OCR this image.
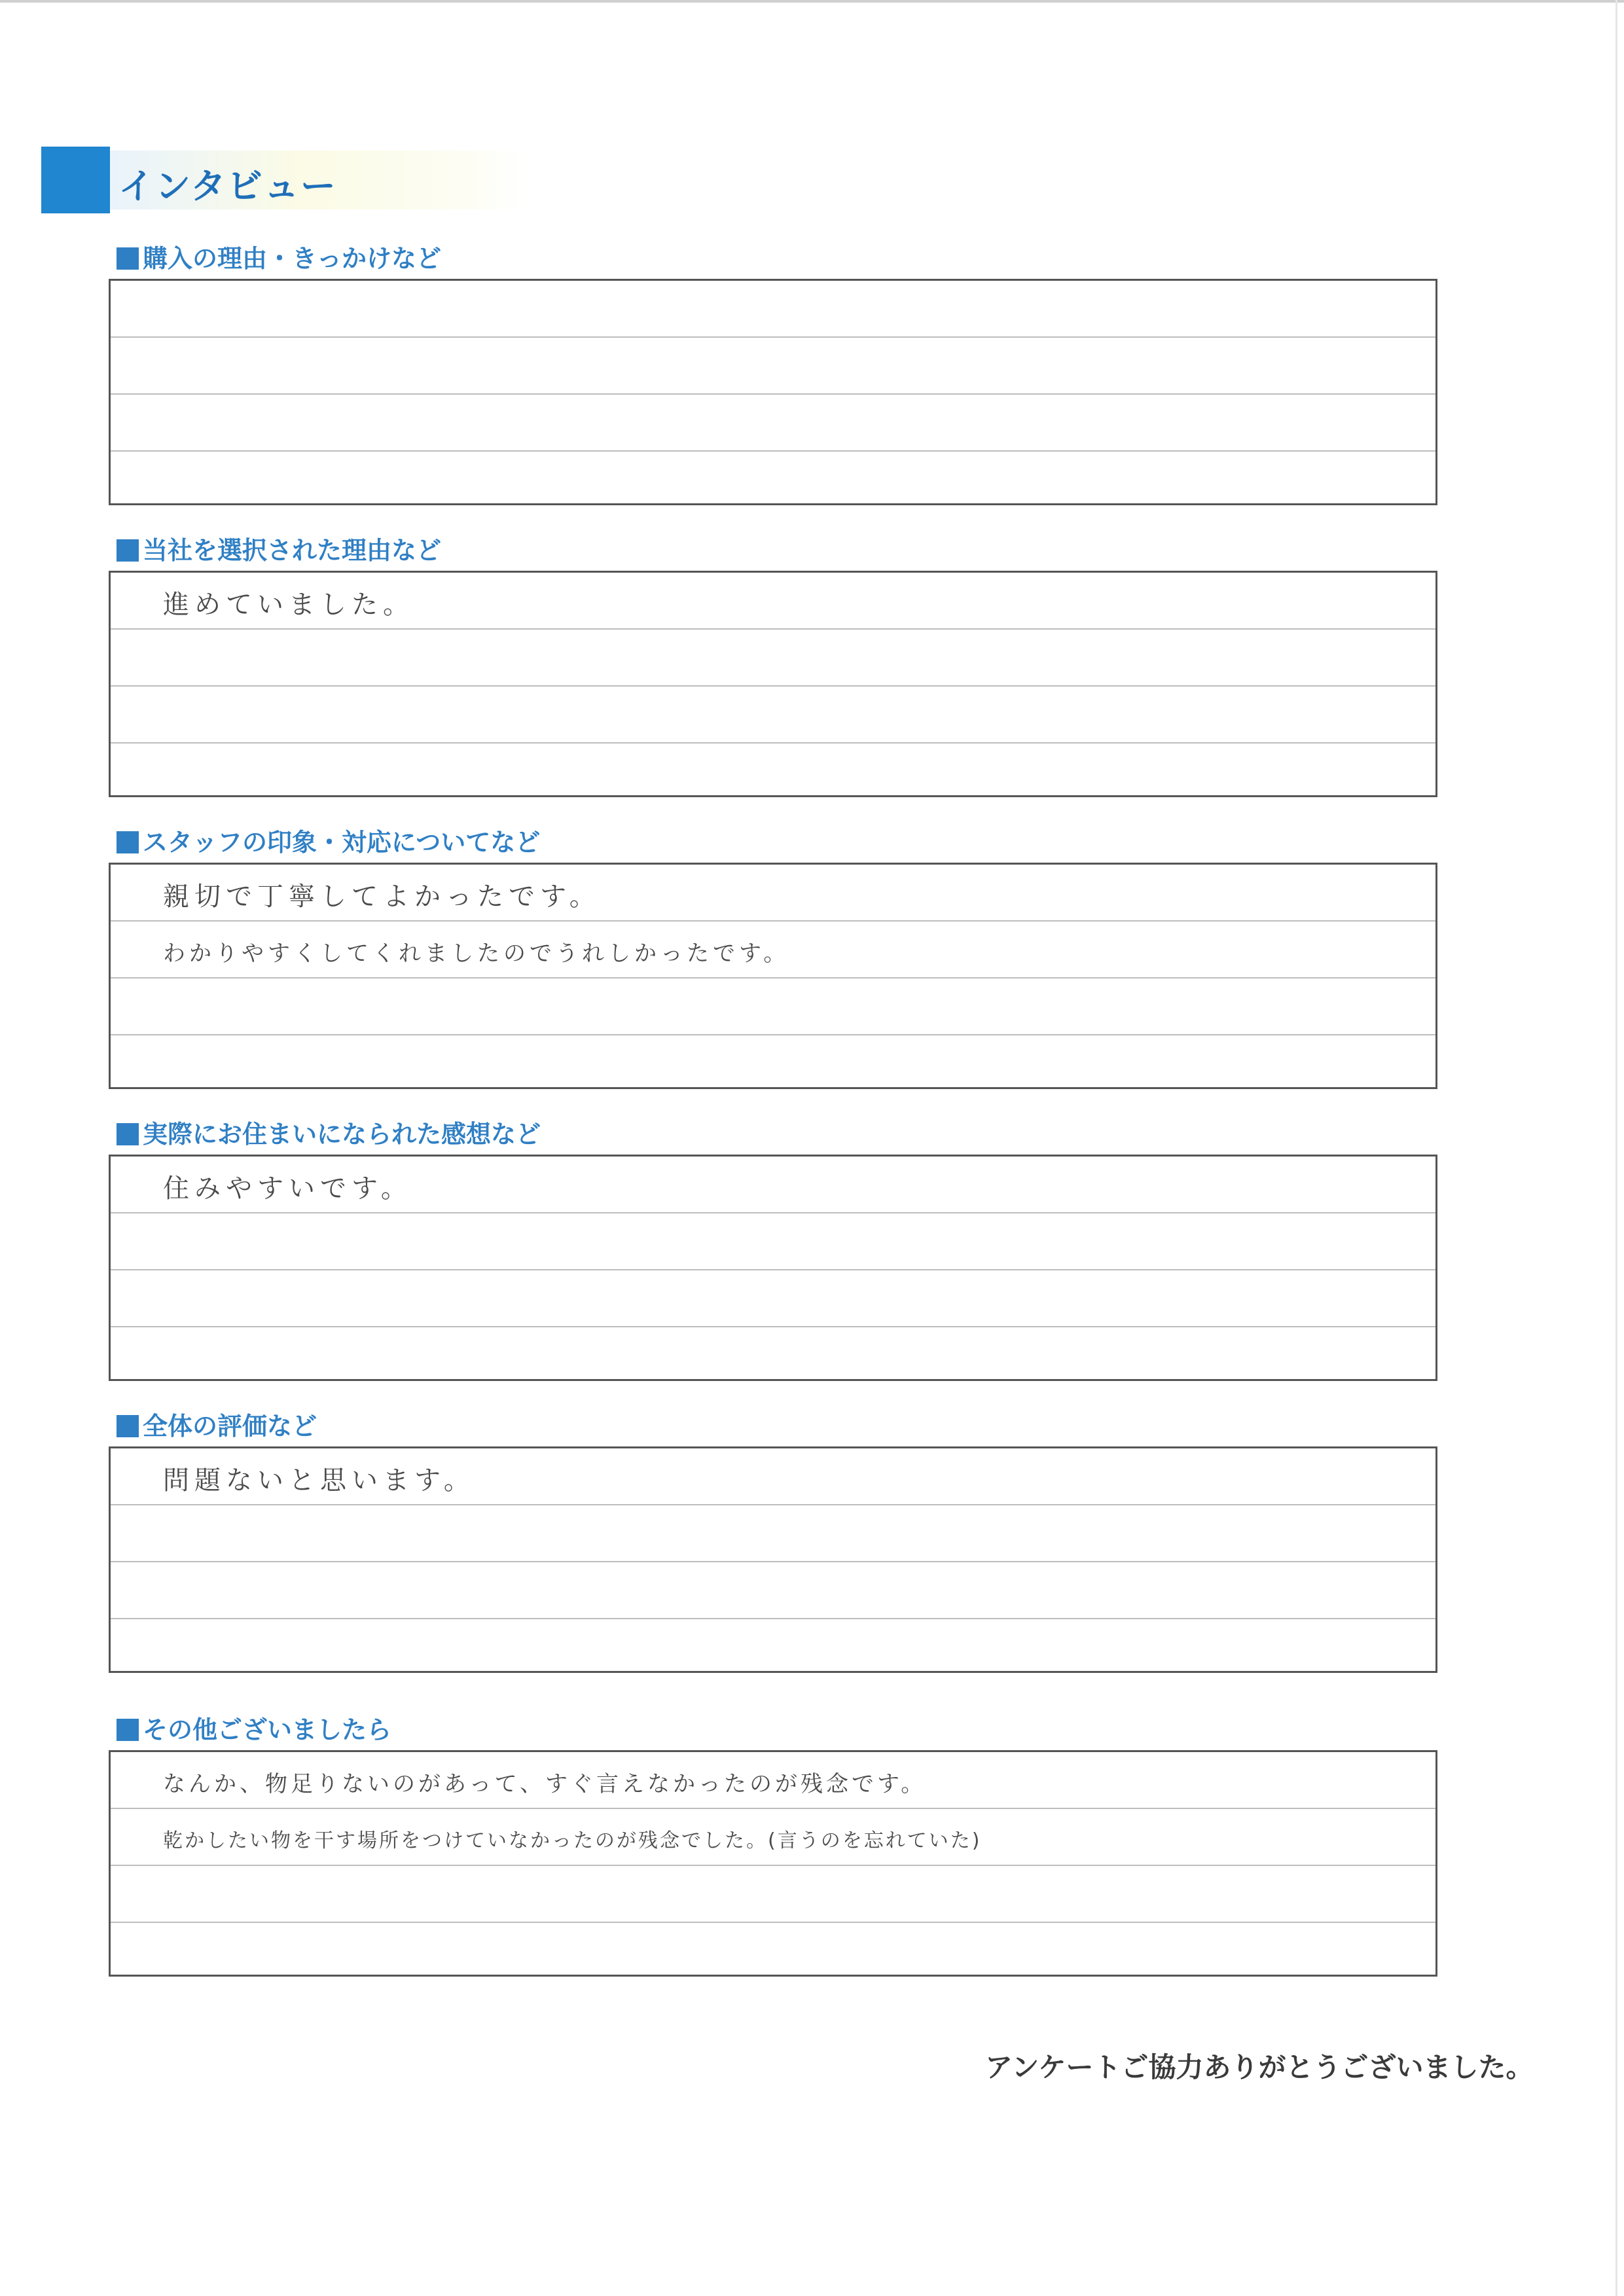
インタビュー
購入の理由・きっかけなど
当社を選択された理由など
進めていました。
スタッフの印象・対応についてなど
親切で丁寧してよかったです。
わかりやすくしてくれましたのでうれしかったです。
実際にお住まいになられた感想など
住みやすいです。
全体の評価など
問題ないと思います。
その他ございましたら
なんか、物足りないのがあって、すぐ言えなかったのが残念です。
乾かしたい物を干す場所をつけていなかったのが残念でした。(言うのを忘れていた)
アンケートご協力ありがとうございました。
